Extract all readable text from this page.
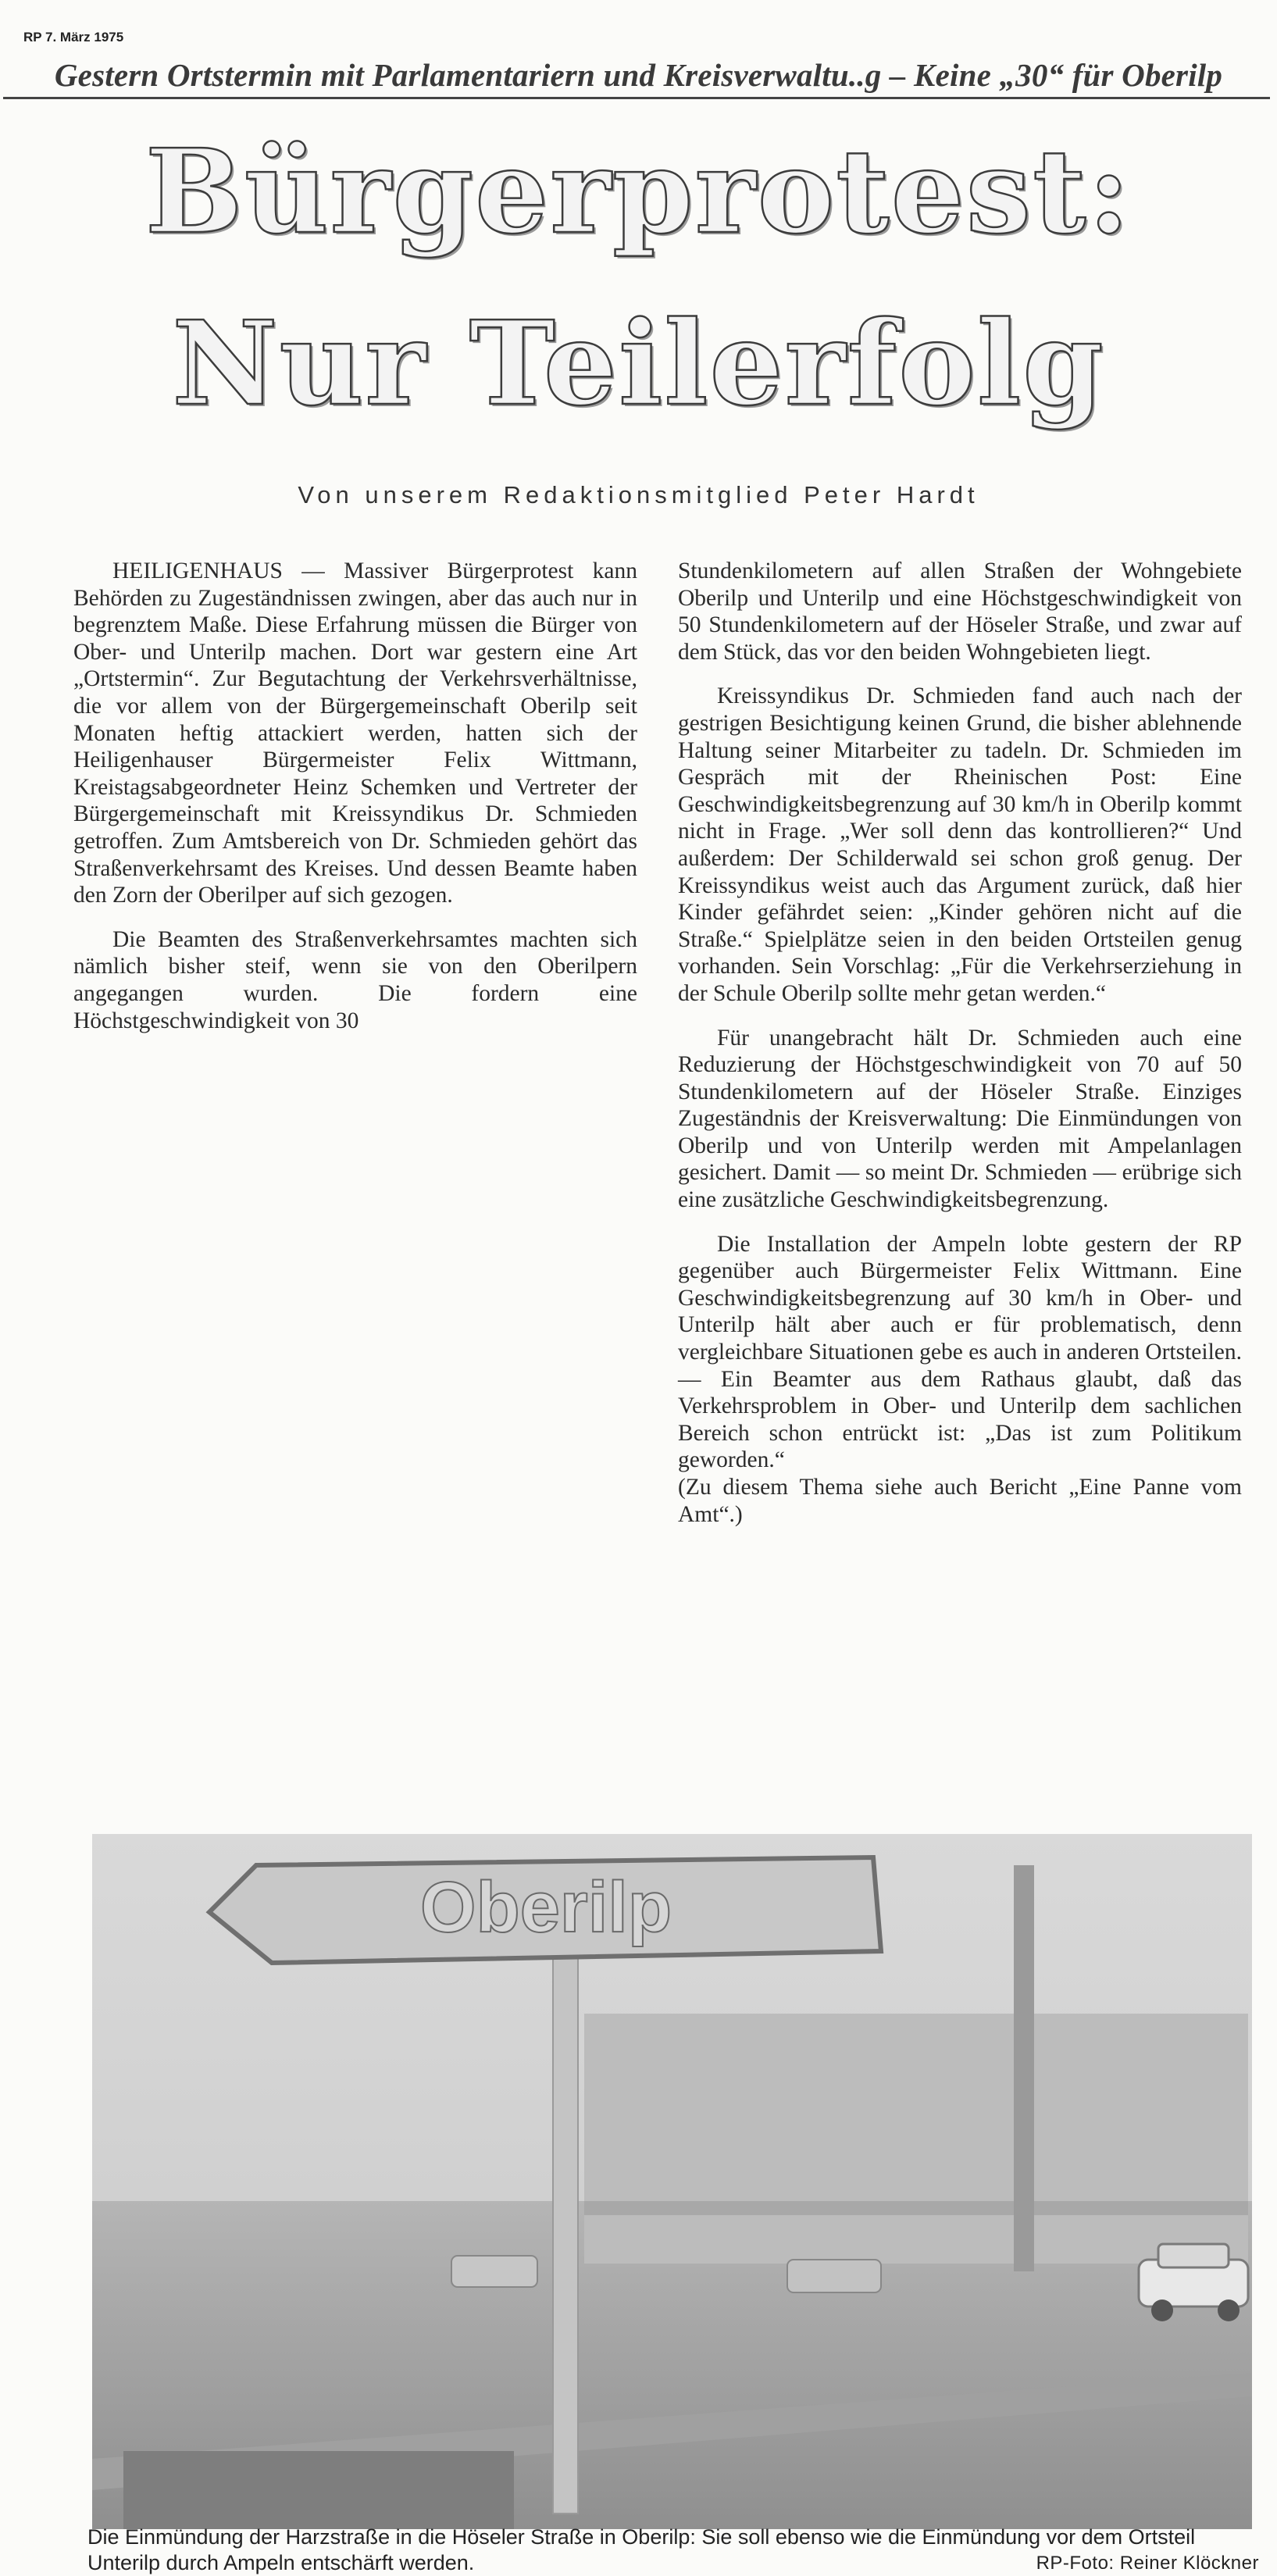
RP 7. März 1975
Gestern Ortstermin mit Parlamentariern und Kreisverwaltu..g – Keine „30“ für Oberilp
Bürgerprotest:
Nur Teilerfolg
Von unserem Redaktionsmitglied Peter Hardt

HEILIGENHAUS — Massiver Bürgerprotest kann Behörden zu Zugeständnissen zwingen, aber das auch nur in begrenztem Maße. Diese Erfahrung müssen die Bürger von Ober- und Unterilp machen. Dort war gestern eine Art „Ortstermin“. Zur Begutachtung der Verkehrsverhältnisse, die vor allem von der Bürgergemeinschaft Oberilp seit Monaten heftig attackiert werden, hatten sich der Heiligenhauser Bürgermeister Felix Wittmann, Kreistagsabgeordneter Heinz Schemken und Vertreter der Bürgergemeinschaft mit Kreissyndikus Dr. Schmieden getroffen. Zum Amtsbereich von Dr. Schmieden gehört das Straßenverkehrsamt des Kreises. Und dessen Beamte haben den Zorn der Oberilper auf sich gezogen.

Die Beamten des Straßenverkehrsamtes machten sich nämlich bisher steif, wenn sie von den Oberilpern angegangen wurden. Die fordern eine Höchstgeschwindigkeit von 30

Stundenkilometern auf allen Straßen der Wohngebiete Oberilp und Unterilp und eine Höchstgeschwindigkeit von 50 Stundenkilometern auf der Höseler Straße, und zwar auf dem Stück, das vor den beiden Wohngebieten liegt.

Kreissyndikus Dr. Schmieden fand auch nach der gestrigen Besichtigung keinen Grund, die bisher ablehnende Haltung seiner Mitarbeiter zu tadeln. Dr. Schmieden im Gespräch mit der Rheinischen Post: Eine Geschwindigkeitsbegrenzung auf 30 km/h in Oberilp kommt nicht in Frage. „Wer soll denn das kontrollieren?“ Und außerdem: Der Schilderwald sei schon groß genug. Der Kreissyndikus weist auch das Argument zurück, daß hier Kinder gefährdet seien: „Kinder gehören nicht auf die Straße.“ Spielplätze seien in den beiden Ortsteilen genug vorhanden. Sein Vorschlag: „Für die Verkehrserziehung in der Schule Oberilp sollte mehr getan werden.“

Für unangebracht hält Dr. Schmieden auch eine Reduzierung der Höchstgeschwindigkeit von 70 auf 50 Stundenkilometern auf der Höseler Straße. Einziges Zugeständnis der Kreisverwaltung: Die Einmündungen von Oberilp und von Unterilp werden mit Ampelanlagen gesichert. Damit — so meint Dr. Schmieden — erübrige sich eine zusätzliche Geschwindigkeitsbegrenzung.

Die Installation der Ampeln lobte gestern der RP gegenüber auch Bürgermeister Felix Wittmann. Eine Geschwindigkeitsbegrenzung auf 30 km/h in Ober- und Unterilp hält aber auch er für problematisch, denn vergleichbare Situationen gebe es auch in anderen Ortsteilen. — Ein Beamter aus dem Rathaus glaubt, daß das Verkehrsproblem in Ober- und Unterilp dem sachlichen Bereich schon entrückt ist: „Das ist zum Politikum geworden.“

(Zu diesem Thema siehe auch Bericht „Eine Panne vom Amt“.)

Oberilp
Die Einmündung der Harzstraße in die Höseler Straße in Oberilp: Sie soll ebenso wie die Einmündung vor dem Ortsteil Unterilp durch Ampeln entschärft werden.	RP-Foto: Reiner Klöckner
